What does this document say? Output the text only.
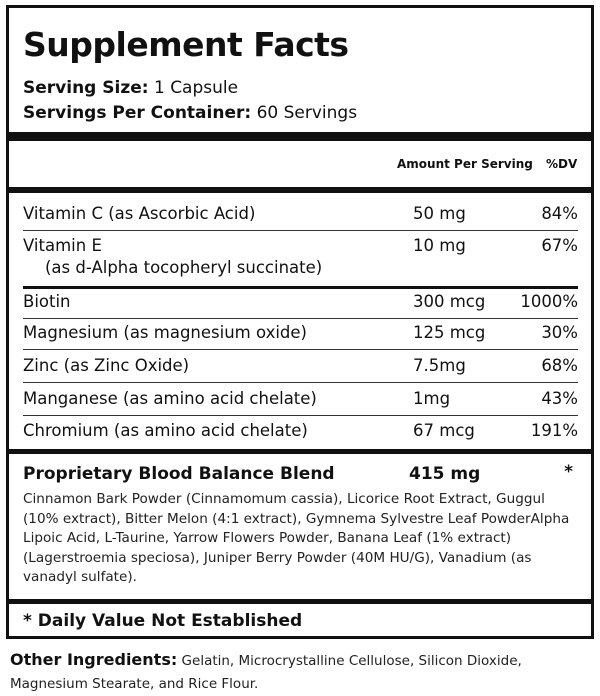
Supplement Facts
Serving Size: 1 Capsule
Servings Per Container: 60 Servings
Amount Per Serving %DV
Vitamin C (as Ascorbic Acid)	50 mg	84%
Vitamin E
(as d-Alpha tocopheryl succinate)
10 mg	67%
Biotin	300 mcg 1000%
Magnesium (as magnesium oxide)	125 mcg	30%
Zinc (as Zinc Oxide)	7.5mg	68%
Manganese (as amino acid chelate)	1mg	43%
Chromium (as amino acid chelate)	67 mcg	191%
Proprietary Blood Balance Blend	415 mg	*
Cinnamon Bark Powder (Cinnamomum cassia), Licorice Root Extract, Guggul (10% extract), Bitter Melon (4:1 extract), Gymnema Sylvestre Leaf PowderAlpha Lipoic Acid, L-Taurine, Yarrow Flowers Powder, Banana Leaf (1% extract) (Lagerstroemia speciosa), Juniper Berry Powder (40M HU/G), Vanadium (as vanadyl sulfate).
* Daily Value Not Established
Other Ingredients: Gelatin, Microcrystalline Cellulose, Silicon Dioxide, Magnesium Stearate, and Rice Flour.
